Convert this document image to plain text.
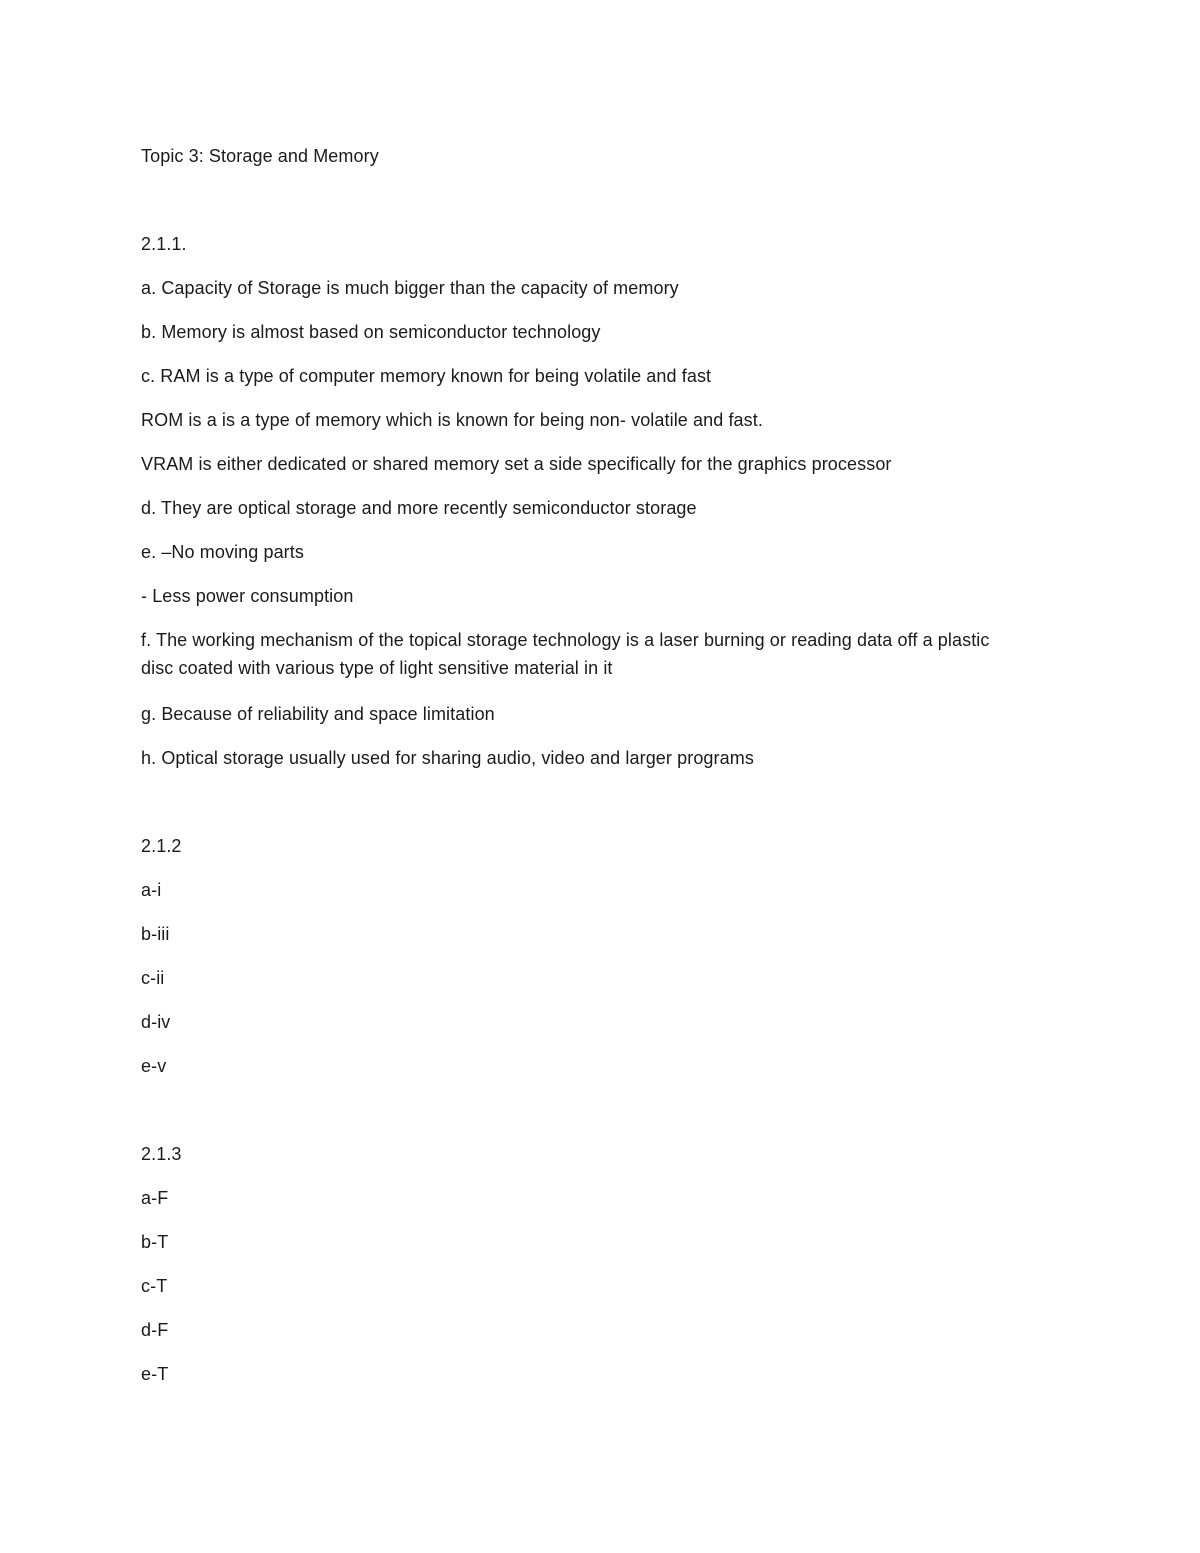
Topic 3: Storage and Memory
2.1.1.
a. Capacity of Storage is much bigger than the capacity of memory
b. Memory is almost based on semiconductor technology
c. RAM is a type of computer memory known for being volatile and fast
ROM is a is a type of memory which is known for being non- volatile and fast.
VRAM is either dedicated or shared memory set a side specifically for the graphics processor
d. They are optical storage and more recently semiconductor storage
e. –No moving parts
- Less power consumption
f. The working mechanism of the topical storage technology is a laser burning or reading data off a plastic disc coated with various type of light sensitive material in it
g. Because of reliability and space limitation
h. Optical storage usually used for sharing audio, video and larger programs
2.1.2
a-i
b-iii
c-ii
d-iv
e-v
2.1.3
a-F
b-T
c-T
d-F
e-T
